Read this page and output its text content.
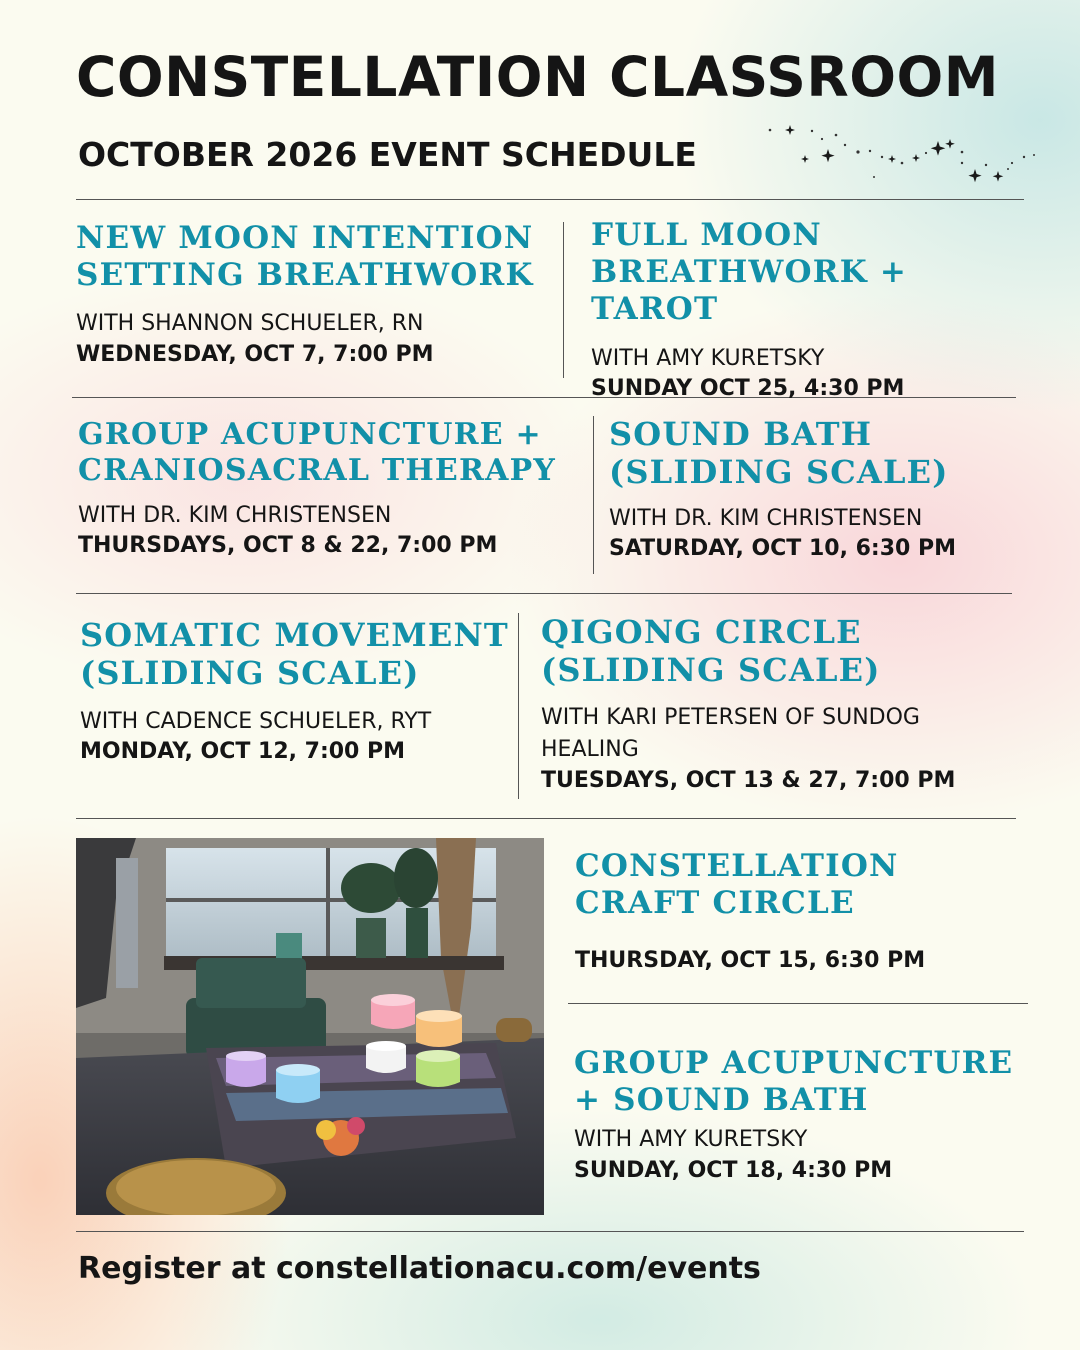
CONSTELLATION CLASSROOM
OCTOBER 2026 EVENT SCHEDULE
NEW MOON INTENTION SETTING BREATHWORK
WITH SHANNON SCHUELER, RN
WEDNESDAY, OCT 7, 7:00 PM
FULL MOON BREATHWORK + TAROT
WITH AMY KURETSKY
SUNDAY OCT 25, 4:30 PM
GROUP ACUPUNCTURE + CRANIOSACRAL THERAPY
WITH DR. KIM CHRISTENSEN
THURSDAYS, OCT 8 & 22, 7:00 PM
SOUND BATH (SLIDING SCALE)
WITH DR. KIM CHRISTENSEN
SATURDAY, OCT 10, 6:30 PM
SOMATIC MOVEMENT (SLIDING SCALE)
WITH CADENCE SCHUELER, RYT
MONDAY, OCT 12, 7:00 PM
QIGONG CIRCLE (SLIDING SCALE)
WITH KARI PETERSEN OF SUNDOG HEALING
TUESDAYS, OCT 13 & 27, 7:00 PM
CONSTELLATION CRAFT CIRCLE
THURSDAY, OCT 15, 6:30 PM
GROUP ACUPUNCTURE + SOUND BATH
WITH AMY KURETSKY
SUNDAY, OCT 18, 4:30 PM
Register at constellationacu.com/events
